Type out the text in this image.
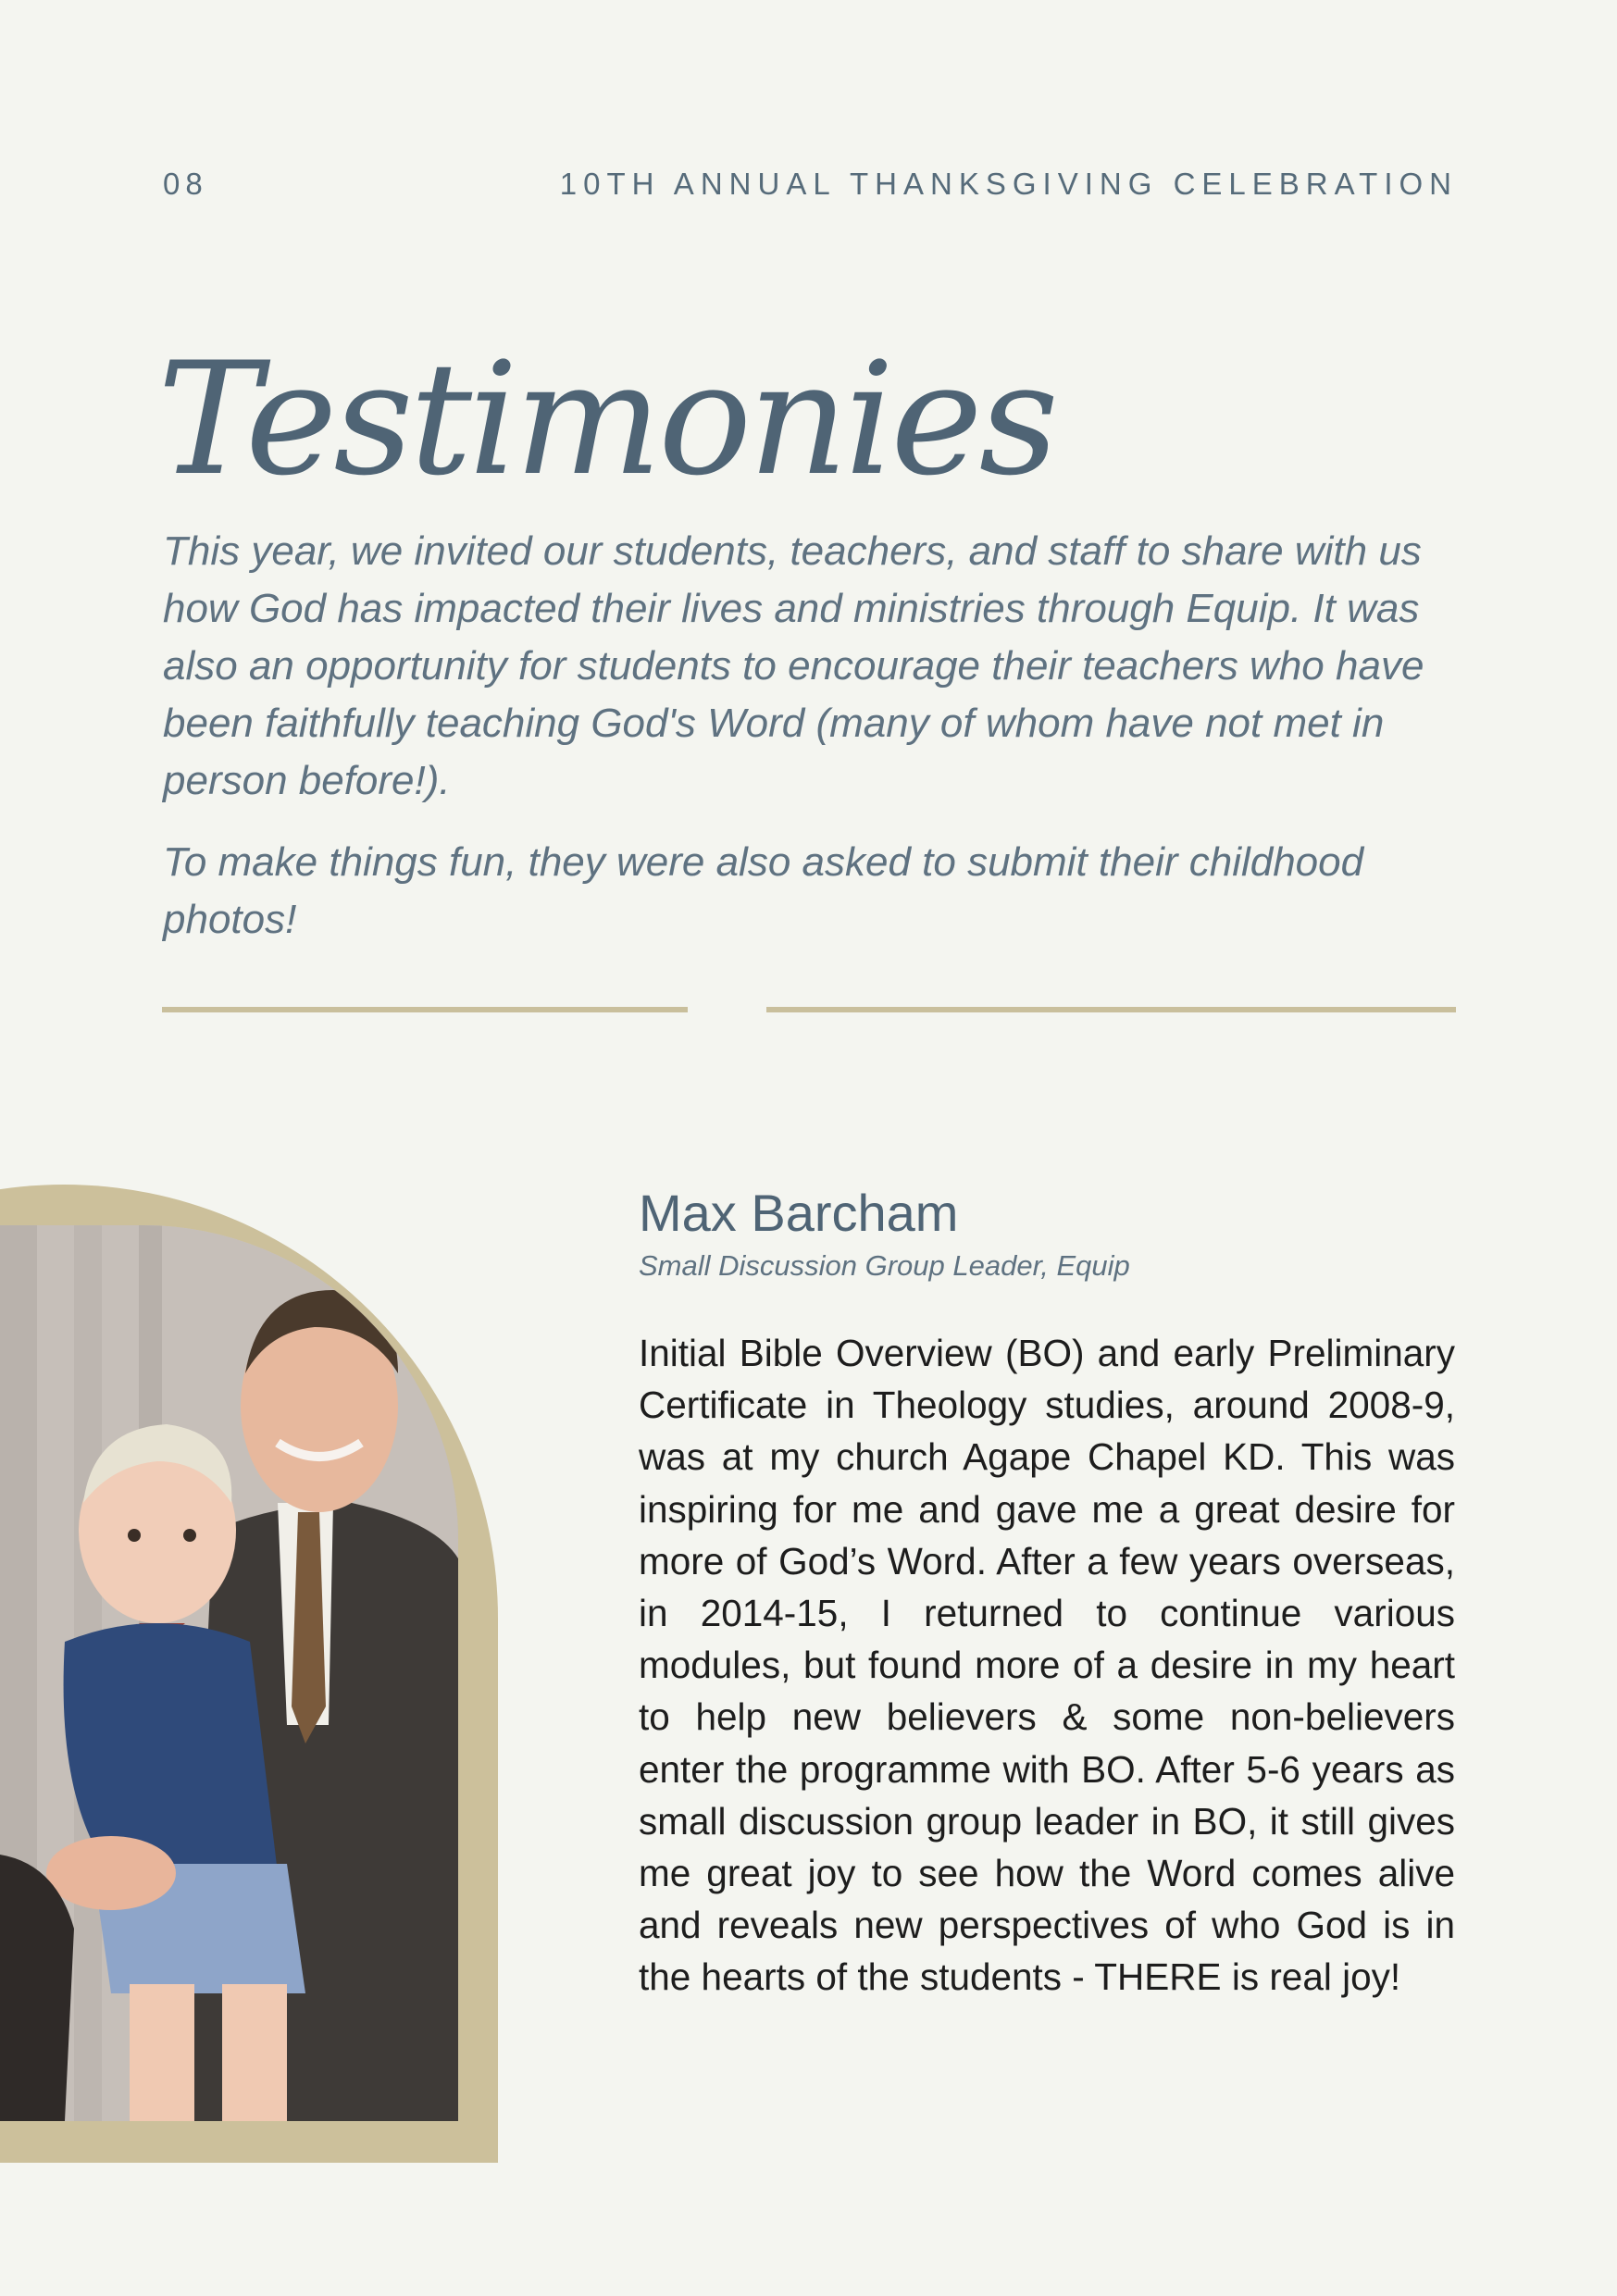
08	10TH ANNUAL THANKSGIVING CELEBRATION
Testimonies

This year, we invited our students, teachers, and staff to share with us how God has impacted their lives and ministries through Equip. It was also an opportunity for students to encourage their teachers who have been faithfully teaching God's Word (many of whom have not met in person before!).

To make things fun, they were also asked to submit their childhood photos!

Max Barcham
Small Discussion Group Leader, Equip

Initial Bible Overview (BO) and early Preliminary Certificate in Theology studies, around 2008-9, was at my church Agape Chapel KD. This was inspiring for me and gave me a great desire for more of God’s Word. After a few years overseas, in 2014-15, I returned to continue various modules, but found more of a desire in my heart to help new believers & some non-believers enter the programme with BO. After 5-6 years as small discussion group leader in BO, it still gives me great joy to see how the Word comes alive and reveals new perspectives of who God is in the hearts of the students - THERE is real joy!
